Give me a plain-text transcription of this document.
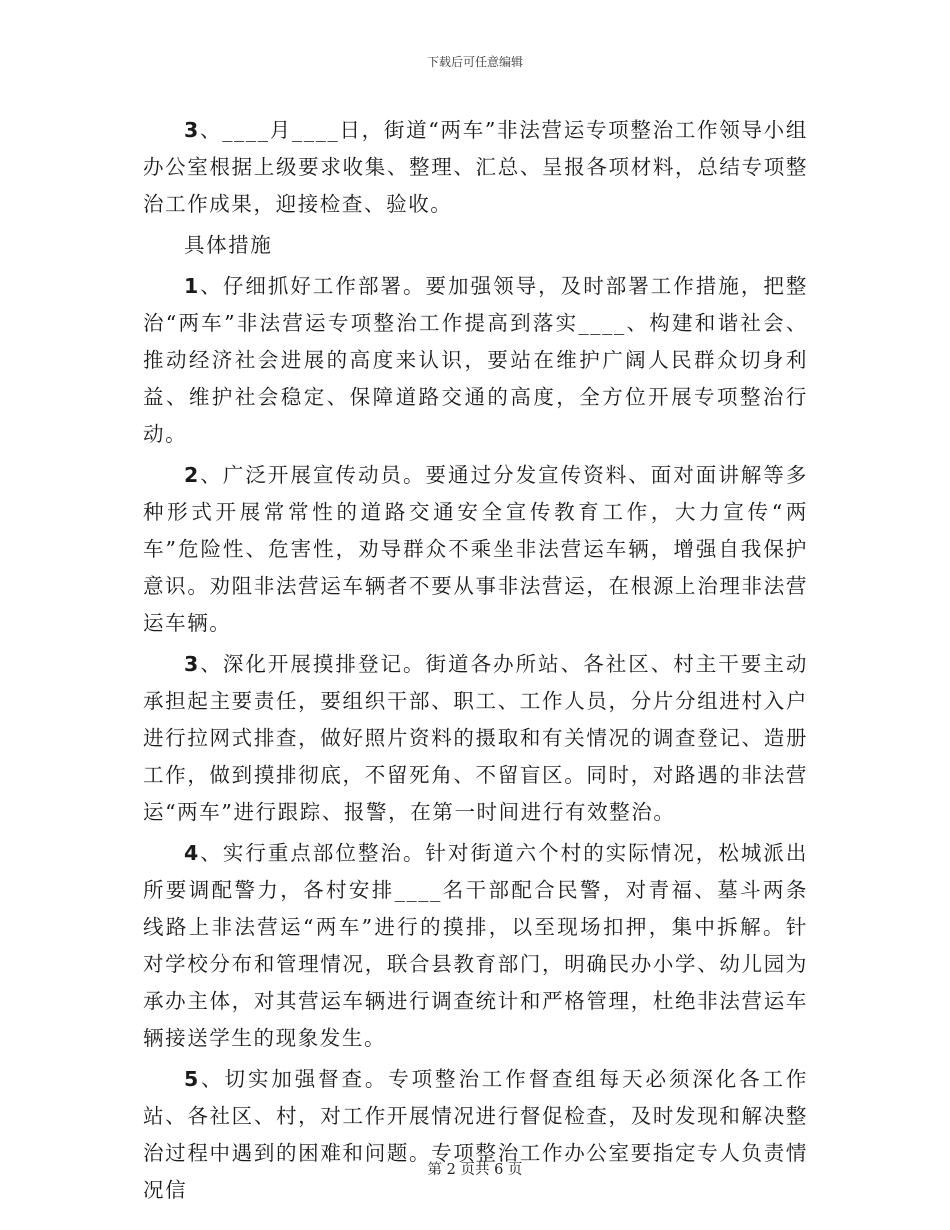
下载后可任意编辑

3、____月____日，街道“两车”非法营运专项整治工作领导小组办公室根据上级要求收集、整理、汇总、呈报各项材料，总结专项整治工作成果，迎接检查、验收。

具体措施

1、仔细抓好工作部署。要加强领导，及时部署工作措施，把整治“两车”非法营运专项整治工作提高到落实____、构建和谐社会、推动经济社会进展的高度来认识，要站在维护广阔人民群众切身利益、维护社会稳定、保障道路交通的高度，全方位开展专项整治行动。

2、广泛开展宣传动员。要通过分发宣传资料、面对面讲解等多种形式开展常常性的道路交通安全宣传教育工作，大力宣传“两车”危险性、危害性，劝导群众不乘坐非法营运车辆，增强自我保护意识。劝阻非法营运车辆者不要从事非法营运，在根源上治理非法营运车辆。

3、深化开展摸排登记。街道各办所站、各社区、村主干要主动承担起主要责任，要组织干部、职工、工作人员，分片分组进村入户进行拉网式排查，做好照片资料的摄取和有关情况的调查登记、造册工作，做到摸排彻底，不留死角、不留盲区。同时，对路遇的非法营运“两车”进行跟踪、报警，在第一时间进行有效整治。

4、实行重点部位整治。针对街道六个村的实际情况，松城派出所要调配警力，各村安排____名干部配合民警，对青福、墓斗两条线路上非法营运“两车”进行的摸排，以至现场扣押，集中拆解。针对学校分布和管理情况，联合县教育部门，明确民办小学、幼儿园为承办主体，对其营运车辆进行调查统计和严格管理，杜绝非法营运车辆接送学生的现象发生。

5、切实加强督查。专项整治工作督查组每天必须深化各工作站、各社区、村，对工作开展情况进行督促检查，及时发现和解决整治过程中遇到的困难和问题。专项整治工作办公室要指定专人负责情况信

第 2 页共 6 页
